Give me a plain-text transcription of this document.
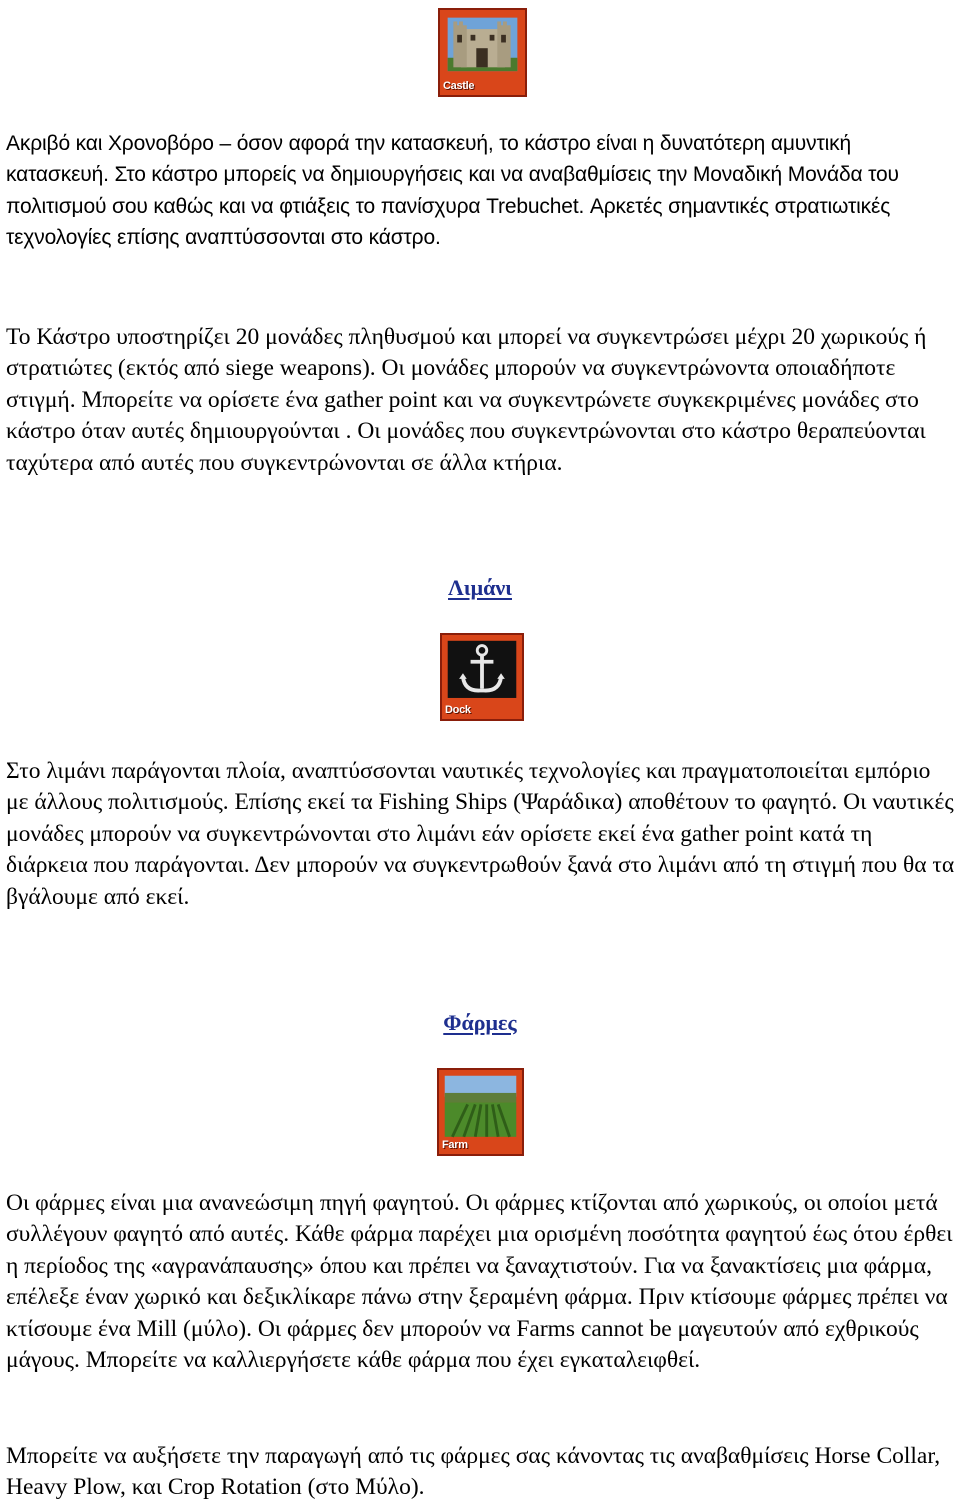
Castle

Ακριβό και Χρονοβόρο – όσον αφορά την κατασκευή, το κάστρο είναι η δυνατότερη αμυντική κατασκευή. Στο κάστρο μπορείς να δημιουργήσεις και να αναβαθμίσεις την Μοναδική Μονάδα του πολιτισμού σου καθώς και να φτιάξεις το πανίσχυρα Trebuchet. Αρκετές σημαντικές στρατιωτικές τεχνολογίες επίσης αναπτύσσονται στο κάστρο.

Το Κάστρο υποστηρίζει 20 μονάδες πληθυσμού και μπορεί να συγκεντρώσει μέχρι 20 χωρικούς ή στρατιώτες (εκτός από siege weapons). Οι μονάδες μπορούν να συγκεντρώνοντα οποιαδήποτε στιγμή. Μπορείτε να ορίσετε ένα gather point και να συγκεντρώνετε συγκεκριμένες μονάδες στο κάστρο όταν αυτές δημιουργούνται . Οι μονάδες που συγκεντρώνονται στο κάστρο θεραπεύονται ταχύτερα από αυτές που συγκεντρώνονται σε άλλα κτήρια.

Λιμάνι
Dock

Στο λιμάνι παράγονται πλοία, αναπτύσσονται ναυτικές τεχνολογίες και πραγματοποιείται εμπόριο με άλλους πολιτισμούς. Επίσης εκεί τα Fishing Ships (Ψαράδικα) αποθέτουν το φαγητό. Οι ναυτικές μονάδες μπορούν να συγκεντρώνονται στο λιμάνι εάν ορίσετε εκεί ένα gather point κατά τη διάρκεια που παράγονται. Δεν μπορούν να συγκεντρωθούν ξανά στο λιμάνι από τη στιγμή που θα τα βγάλουμε από εκεί.

Φάρμες
Farm

Οι φάρμες είναι μια ανανεώσιμη πηγή φαγητού. Οι φάρμες κτίζονται από χωρικούς, οι οποίοι μετά συλλέγουν φαγητό από αυτές. Κάθε φάρμα παρέχει μια ορισμένη ποσότητα φαγητού έως ότου έρθει η περίοδος της «αγρανάπαυσης» όπου και πρέπει να ξαναχτιστούν. Για να ξανακτίσεις μια φάρμα, επέλεξε έναν χωρικό και δεξικλίκαρε πάνω στην ξεραμένη φάρμα. Πριν κτίσουμε φάρμες πρέπει να κτίσουμε ένα Mill (μύλο). Οι φάρμες δεν μπορούν να Farms cannot be μαγευτούν από εχθρικούς μάγους. Μπορείτε να καλλιεργήσετε κάθε φάρμα που έχει εγκαταλειφθεί.

Μπορείτε να αυξήσετε την παραγωγή από τις φάρμες σας κάνοντας τις αναβαθμίσεις Horse Collar, Heavy Plow, και Crop Rotation (στο Μύλο).
